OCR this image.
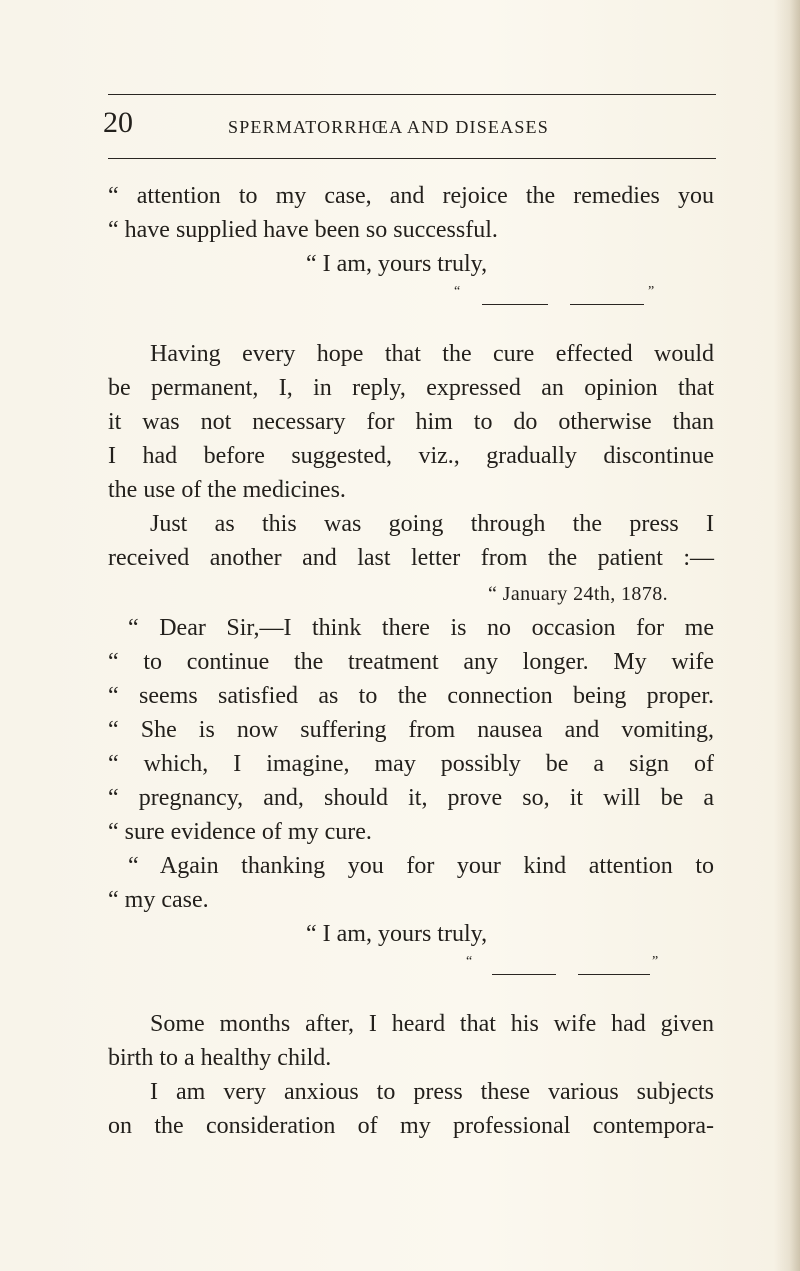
20	SPERMATORRHŒA AND DISEASES
“ attention to my case, and rejoice the remedies you
“ have supplied have been so successful.
“ I am, yours truly,
“	”
Having every hope that the cure effected would
be permanent, I, in reply, expressed an opinion that
it was not necessary for him to do otherwise than
I had before suggested, viz., gradually discontinue
the use of the medicines.
Just as this was going through the press I
received another and last letter from the patient :—
“ January 24th, 1878.
“ Dear Sir,—I think there is no occasion for me
“ to continue the treatment any longer. My wife
“ seems satisfied as to the connection being proper.
“ She is now suffering from nausea and vomiting,
“ which, I imagine, may possibly be a sign of
“ pregnancy, and, should it, prove so, it will be a
“ sure evidence of my cure.
“ Again thanking you for your kind attention to
“ my case.
“ I am, yours truly,
“	”
Some months after, I heard that his wife had given
birth to a healthy child.
I am very anxious to press these various subjects
on the consideration of my professional contempora-
